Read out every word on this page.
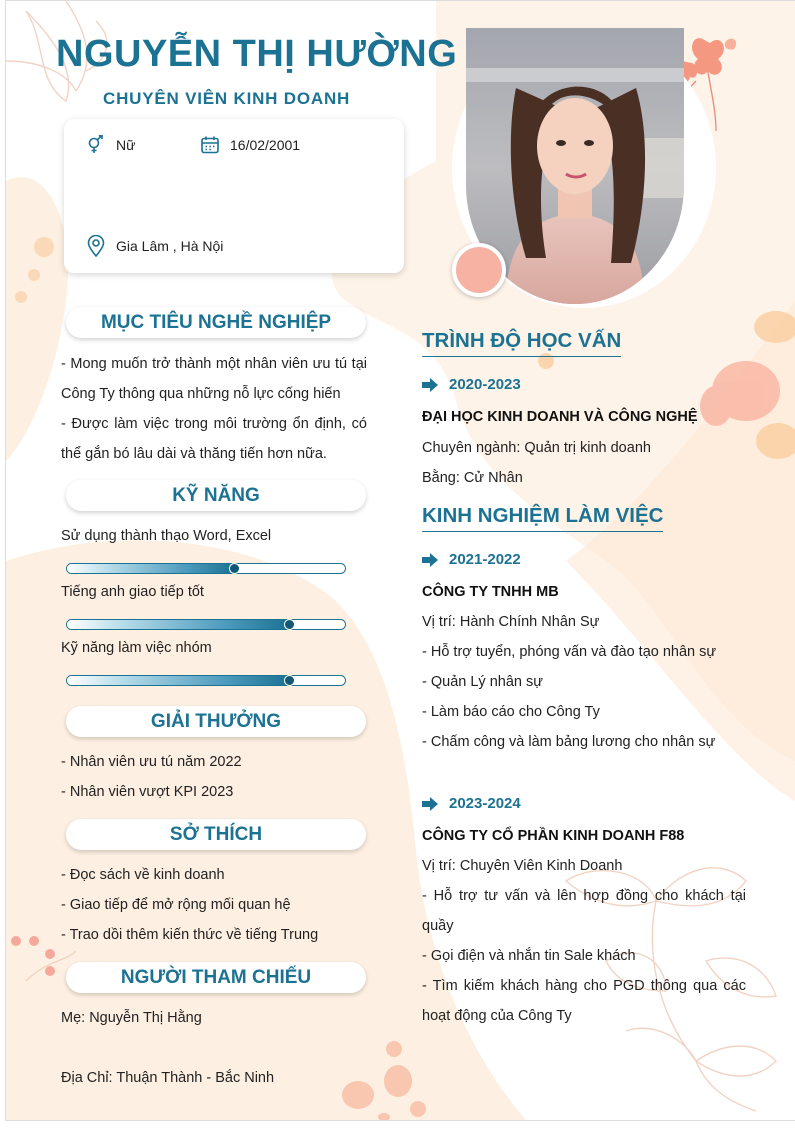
NGUYỄN THỊ HƯỜNG
CHUYÊN VIÊN KINH DOANH
Nữ	16/02/2001
Gia Lâm , Hà Nội
MỤC TIÊU NGHỀ NGHIỆP
- Mong muốn trở thành một nhân viên ưu tú tại Công Ty thông qua những nỗ lực cống hiến
- Được làm việc trong môi trường ổn định, có thể gắn bó lâu dài và thăng tiến hơn nữa.
KỸ NĂNG
Sử dụng thành thạo Word, Excel
Tiếng anh giao tiếp tốt
Kỹ năng làm việc nhóm
GIẢI THƯỞNG
- Nhân viên ưu tú năm 2022
- Nhân viên vượt KPI 2023
SỞ THÍCH
- Đọc sách về kinh doanh
- Giao tiếp để mở rộng mối quan hệ
- Trao dồi thêm kiến thức về tiếng Trung
NGƯỜI THAM CHIẾU
Mẹ: Nguyễn Thị Hằng
Địa Chỉ: Thuận Thành - Bắc Ninh
TRÌNH ĐỘ HỌC VẤN
2020-2023
ĐẠI HỌC KINH DOANH VÀ CÔNG NGHỆ
Chuyên ngành: Quản trị kinh doanh
Bằng: Cử Nhân
KINH NGHIỆM LÀM VIỆC
2021-2022
CÔNG TY TNHH MB
Vị trí: Hành Chính Nhân Sự
- Hỗ trợ tuyển, phóng vấn và đào tạo nhân sự
- Quản Lý nhân sự
- Làm báo cáo cho Công Ty
- Chấm công và làm bảng lương cho nhân sự
2023-2024
CÔNG TY CỔ PHẦN KINH DOANH F88
Vị trí: Chuyên Viên Kinh Doanh
- Hỗ trợ tư vấn và lên hợp đồng cho khách tại quầy
- Gọi điện và nhắn tin Sale khách
- Tìm kiếm khách hàng cho PGD thông qua các hoạt động của Công Ty
